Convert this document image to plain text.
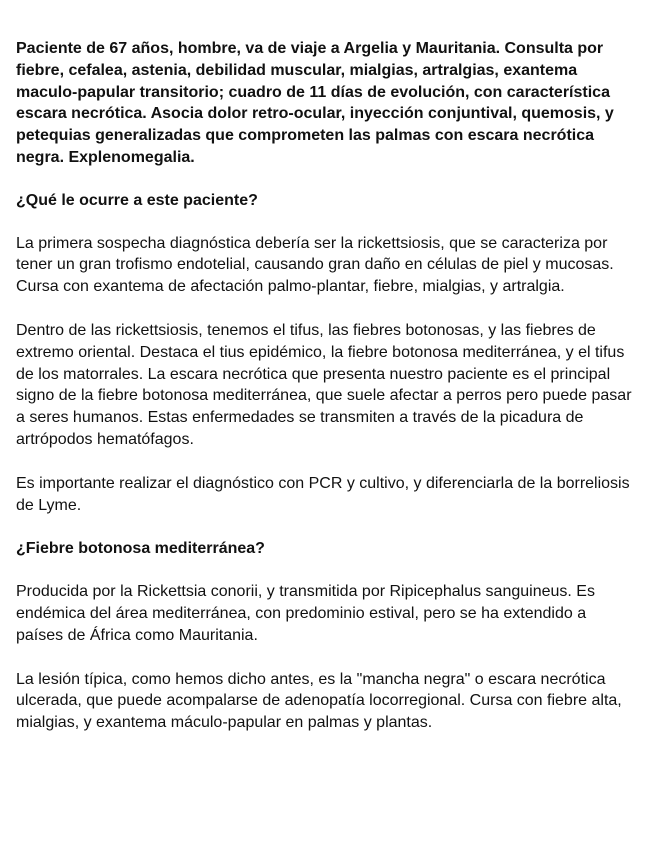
Paciente de 67 años, hombre, va de viaje a Argelia y Mauritania. Consulta por fiebre, cefalea, astenia, debilidad muscular, mialgias, artralgias, exantema maculo-papular transitorio; cuadro de 11 días de evolución, con característica escara necrótica. Asocia dolor retro-ocular, inyección conjuntival, quemosis, y petequias generalizadas que comprometen las palmas con escara necrótica negra. Explenomegalia.

¿Qué le ocurre a este paciente?

La primera sospecha diagnóstica debería ser la rickettsiosis, que se caracteriza por tener un gran trofismo endotelial, causando gran daño en células de piel y mucosas. Cursa con exantema de afectación palmo-plantar, fiebre, mialgias, y artralgia.

Dentro de las rickettsiosis, tenemos el tifus, las fiebres botonosas, y las fiebres de extremo oriental. Destaca el tius epidémico, la fiebre botonosa mediterránea, y el tifus de los matorrales. La escara necrótica que presenta nuestro paciente es el principal signo de la fiebre botonosa mediterránea, que suele afectar a perros pero puede pasar a seres humanos. Estas enfermedades se transmiten a través de la picadura de artrópodos hematófagos.

Es importante realizar el diagnóstico con PCR y cultivo, y diferenciarla de la borreliosis de Lyme.

¿Fiebre botonosa mediterránea?

Producida por la Rickettsia conorii, y transmitida por Ripicephalus sanguineus. Es endémica del área mediterránea, con predominio estival, pero se ha extendido a países de África como Mauritania.

La lesión típica, como hemos dicho antes, es la "mancha negra" o escara necrótica ulcerada, que puede acompalarse de adenopatía locorregional. Cursa con fiebre alta, mialgias, y exantema máculo-papular en palmas y plantas.
